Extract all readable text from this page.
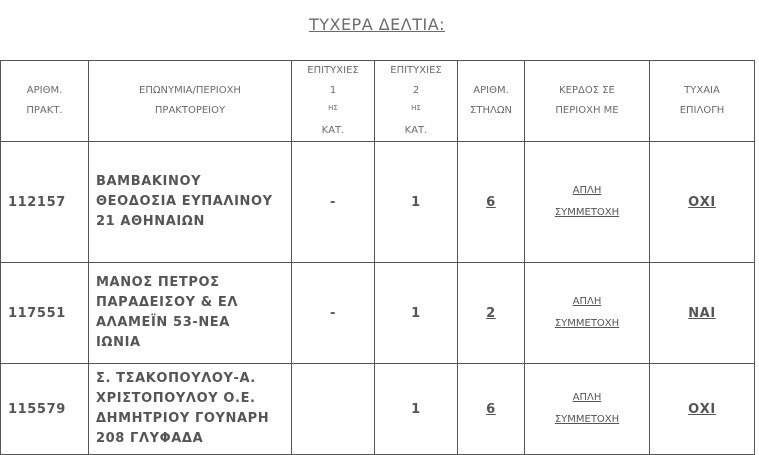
ΤΥΧΕΡΑ ΔΕΛΤΙΑ:
ΑΡΙΘΜ.
ΠΡΑΚΤ.	ΕΠΩΝΥΜΙΑ/ΠΕΡΙΟΧΗ
ΠΡΑΚΤΟΡΕΙΟΥ	ΕΠΙΤΥΧΙΕΣ
1
$^{H\Sigma}$
ΚΑΤ.	ΕΠΙΤΥΧΙΕΣ
2
$^{H\Sigma}$
ΚΑΤ.	ΑΡΙΘΜ.
ΣΤΗΛΩΝ	ΚΕΡΔΟΣ ΣΕ
ΠΕΡΙΟΧΗ ΜΕ	ΤΥΧΑΙΑ
ΕΠΙΛΟΓΗ

112157	ΒΑΜΒΑΚΙΝΟΥ
ΘΕΟΔΟΣΙΑ ΕΥΠΑΛΙΝΟΥ
21 ΑΘΗΝΑΙΩΝ	-	1	6	ΑΠΛΗ
ΣΥΜΜΕΤΟΧΗ	ΟΧΙ
117551	ΜΑΝΟΣ ΠΕΤΡΟΣ
ΠΑΡΑΔΕΙΣΟΥ & ΕΛ
ΑΛΑΜΕΪΝ 53-ΝΕΑ
ΙΩΝΙΑ	-	1	2	ΑΠΛΗ
ΣΥΜΜΕΤΟΧΗ	ΝΑΙ
115579	Σ. ΤΣΑΚΟΠΟΥΛΟΥ-Α.
ΧΡΙΣΤΟΠΟΥΛΟΥ Ο.Ε.
ΔΗΜΗΤΡΙΟΥ ΓΟΥΝΑΡΗ
208 ΓΛΥΦΑΔΑ		1	6	ΑΠΛΗ
ΣΥΜΜΕΤΟΧΗ	ΟΧΙ
